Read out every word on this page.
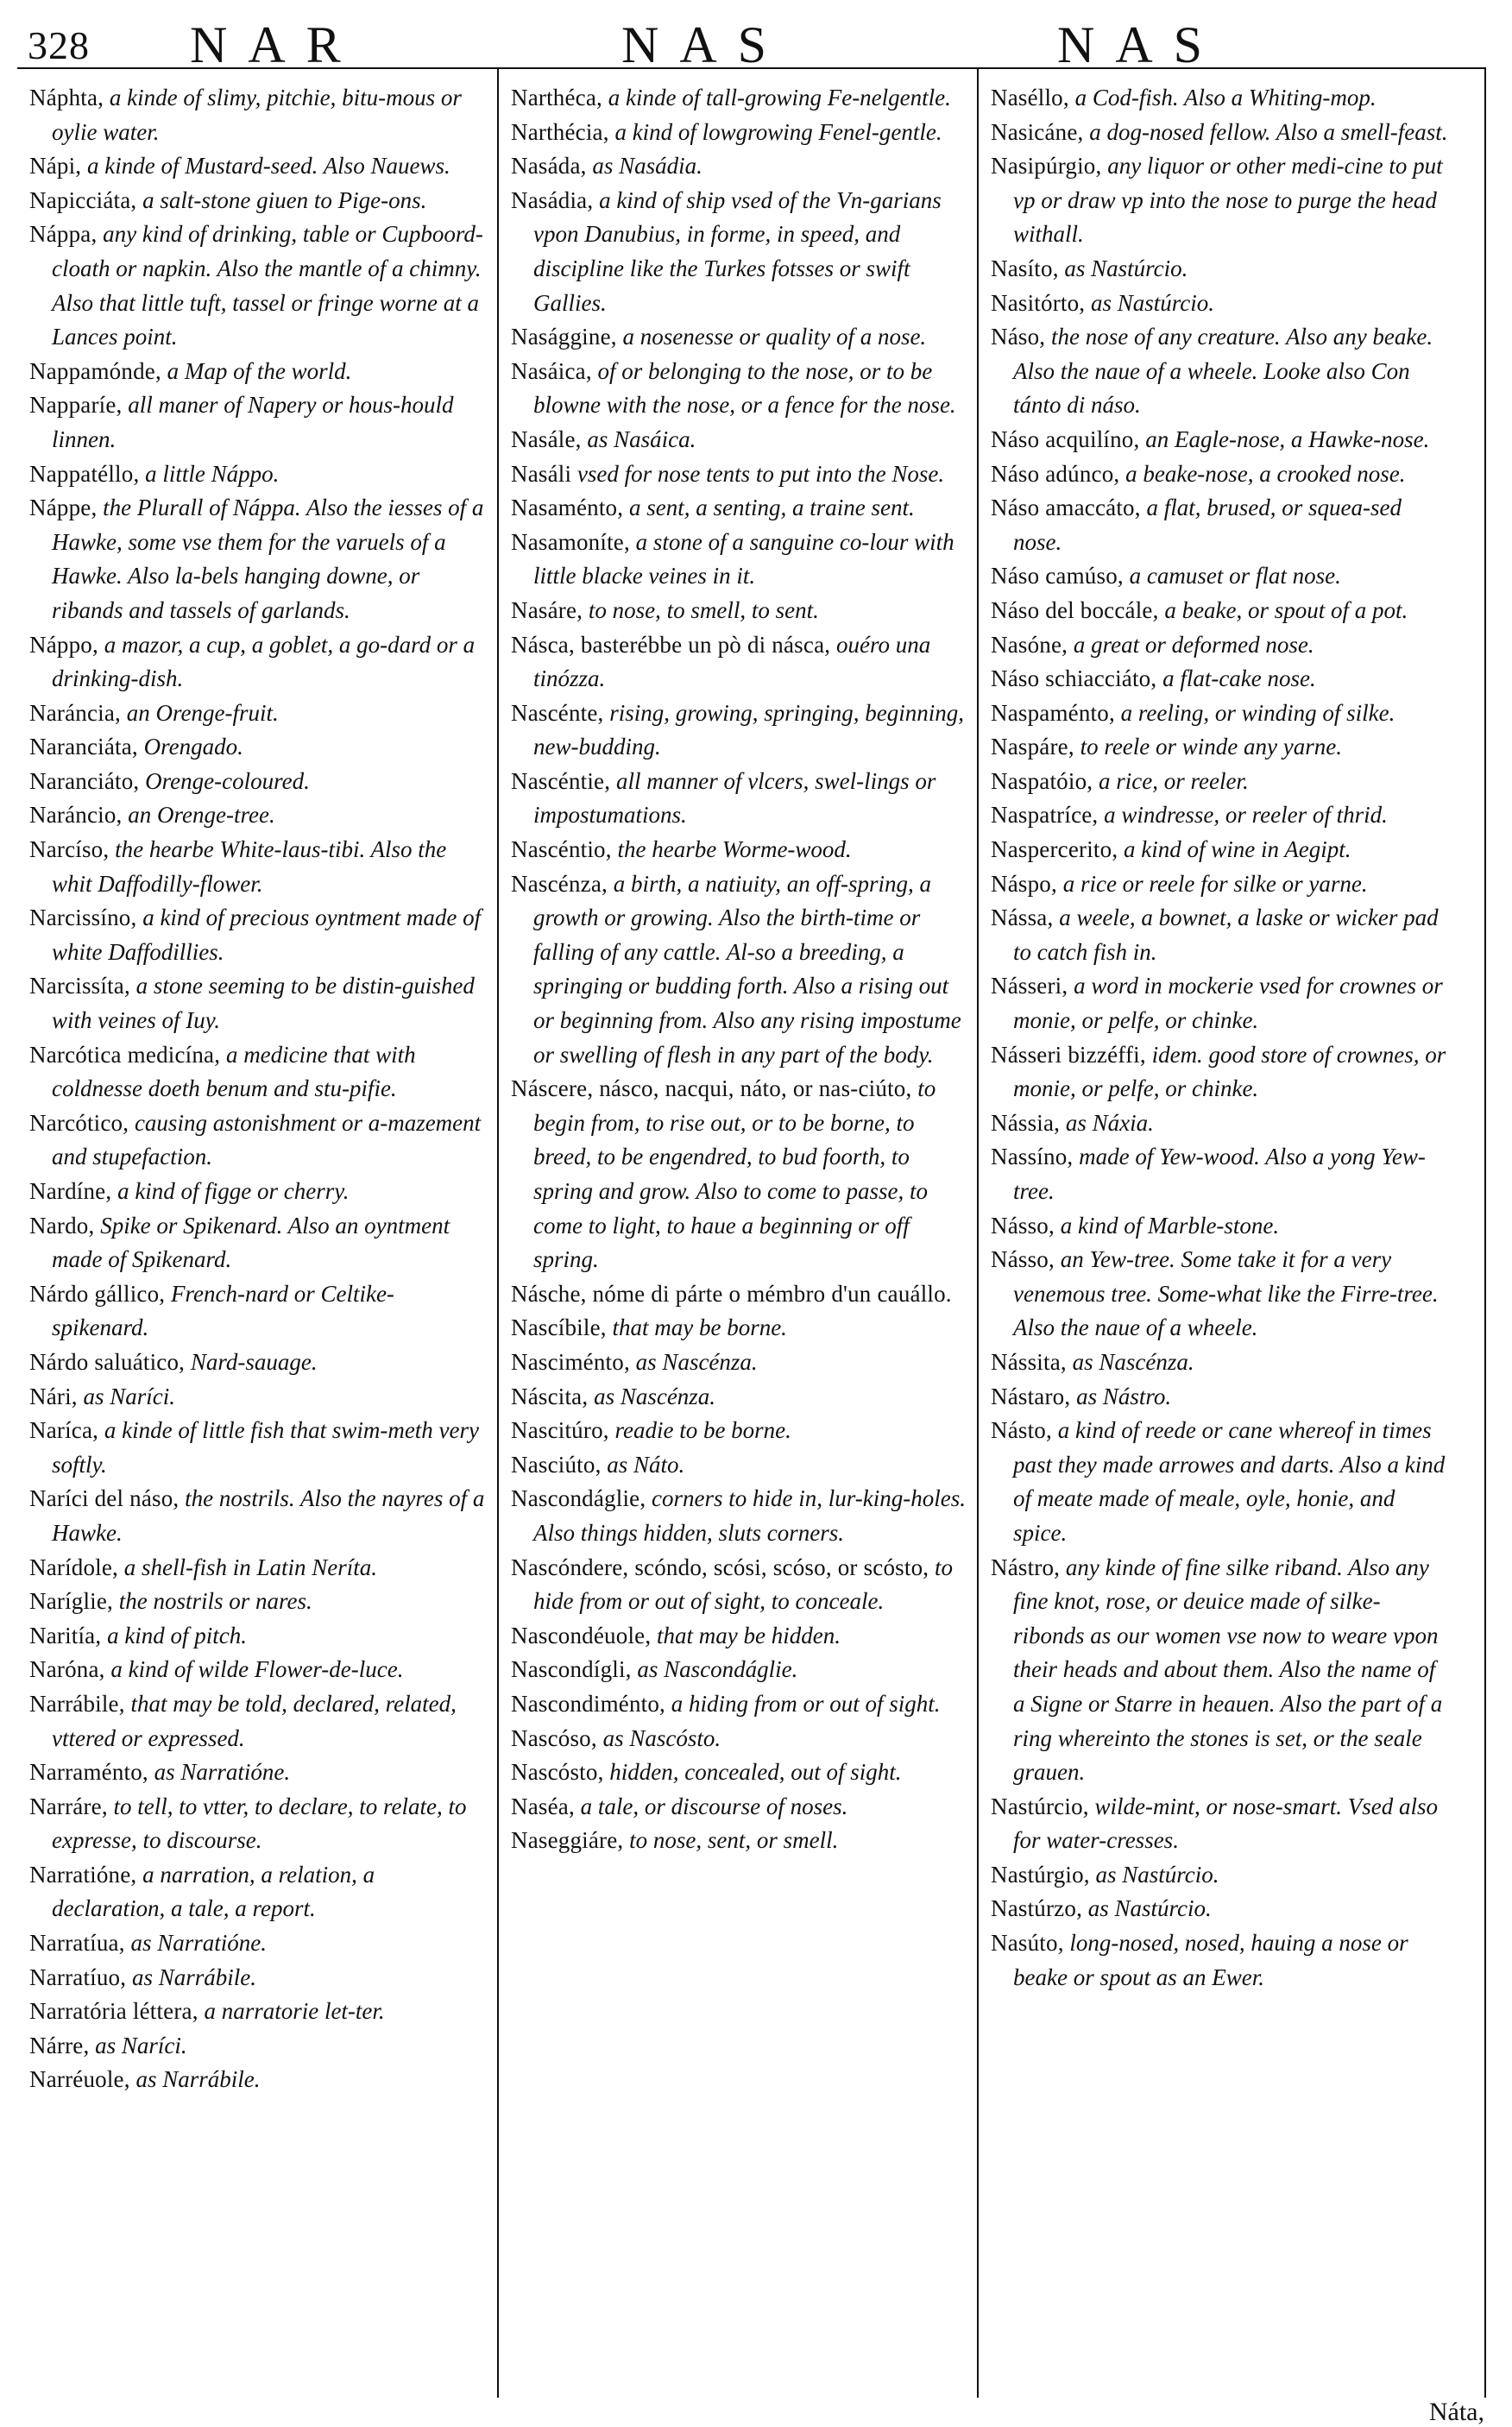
328 NAR	NAS	NAS

Náphta, a kinde of slimy, pitchie, bitu-mous or oylie water.

Nápi, a kinde of Mustard-seed. Also Nauews.

Napicciáta, a salt-stone giuen to Pige-ons.

Náppa, any kind of drinking, table or Cupboord-cloath or napkin. Also the mantle of a chimny. Also that little tuft, tassel or fringe worne at a Lances point.

Nappamónde, a Map of the world.

Napparíe, all maner of Napery or hous-hould linnen.

Nappatéllo, a little Náppo.

Náppe, the Plurall of Náppa. Also the iesses of a Hawke, some vse them for the varuels of a Hawke. Also la-bels hanging downe, or ribands and tassels of garlands.

Náppo, a mazor, a cup, a goblet, a go-dard or a drinking-dish.

Naráncia, an Orenge-fruit.

Naranciáta, Orengado.

Naranciáto, Orenge-coloured.

Naráncio, an Orenge-tree.

Narcíso, the hearbe White-laus-tibi. Also the whit Daffodilly-flower.

Narcissíno, a kind of precious oyntment made of white Daffodillies.

Narcissíta, a stone seeming to be distin-guished with veines of Iuy.

Narcótica medicína, a medicine that with coldnesse doeth benum and stu-pifie.

Narcótico, causing astonishment or a-mazement and stupefaction.

Nardíne, a kind of figge or cherry.

Nardo, Spike or Spikenard. Also an oyntment made of Spikenard.

Nárdo gállico, French-nard or Celtike-spikenard.

Nárdo saluático, Nard-sauage.

Nári, as Naríci.

Naríca, a kinde of little fish that swim-meth very softly.

Naríci del náso, the nostrils. Also the nayres of a Hawke.

Narídole, a shell-fish in Latin Neríta.

Naríglie, the nostrils or nares.

Naritía, a kind of pitch.

Naróna, a kind of wilde Flower-de-luce.

Narrábile, that may be told, declared, related, vttered or expressed.

Narraménto, as Narratióne.

Narráre, to tell, to vtter, to declare, to relate, to expresse, to discourse.

Narratióne, a narration, a relation, a declaration, a tale, a report.

Narratíua, as Narratióne.

Narratíuo, as Narrábile.

Narratória léttera, a narratorie let-ter.

Nárre, as Naríci.

Narréuole, as Narrábile.

Narthéca, a kinde of tall-growing Fe-nelgentle.

Narthécia, a kind of lowgrowing Fenel-gentle.

Nasáda, as Nasádia.

Nasádia, a kind of ship vsed of the Vn-garians vpon Danubius, in forme, in speed, and discipline like the Turkes fotsses or swift Gallies.

Nasággine, a nosenesse or quality of a nose.

Nasáica, of or belonging to the nose, or to be blowne with the nose, or a fence for the nose.

Nasále, as Nasáica.

Nasáli vsed for nose tents to put into the Nose.

Nasaménto, a sent, a senting, a traine sent.

Nasamoníte, a stone of a sanguine co-lour with little blacke veines in it.

Nasáre, to nose, to smell, to sent.

Násca, basterébbe un pò di násca, ouéro una tinózza.

Nascénte, rising, growing, springing, beginning, new-budding.

Nascéntie, all manner of vlcers, swel-lings or impostumations.

Nascéntio, the hearbe Worme-wood.

Nascénza, a birth, a natiuity, an off-spring, a growth or growing. Also the birth-time or falling of any cattle. Al-so a breeding, a springing or budding forth. Also a rising out or beginning from. Also any rising impostume or swelling of flesh in any part of the body.

Náscere, násco, nacqui, náto, or nas-ciúto, to begin from, to rise out, or to be borne, to breed, to be engendred, to bud foorth, to spring and grow. Also to come to passe, to come to light, to haue a beginning or off spring.

Násche, nóme di párte o mémbro d'un cauállo.

Nascíbile, that may be borne.

Nasciménto, as Nascénza.

Náscita, as Nascénza.

Nascitúro, readie to be borne.

Nasciúto, as Náto.

Nascondáglie, corners to hide in, lur-king-holes. Also things hidden, sluts corners.

Nascóndere, scóndo, scósi, scóso, or scósto, to hide from or out of sight, to conceale.

Nascondéuole, that may be hidden.

Nascondígli, as Nascondáglie.

Nascondiménto, a hiding from or out of sight.

Nascóso, as Nascósto.

Nascósto, hidden, concealed, out of sight.

Naséa, a tale, or discourse of noses.

Naseggiáre, to nose, sent, or smell.

Naséllo, a Cod-fish. Also a Whiting-mop.

Nasicáne, a dog-nosed fellow. Also a smell-feast.

Nasipúrgio, any liquor or other medi-cine to put vp or draw vp into the nose to purge the head withall.

Nasíto, as Nastúrcio.

Nasitórto, as Nastúrcio.

Náso, the nose of any creature. Also any beake. Also the naue of a wheele. Looke also Con tánto di náso.

Náso acquilíno, an Eagle-nose, a Hawke-nose.

Náso adúnco, a beake-nose, a crooked nose.

Náso amaccáto, a flat, brused, or squea-sed nose.

Náso camúso, a camuset or flat nose.

Náso del boccále, a beake, or spout of a pot.

Nasóne, a great or deformed nose.

Náso schiacciáto, a flat-cake nose.

Naspaménto, a reeling, or winding of silke.

Naspáre, to reele or winde any yarne.

Naspatóio, a rice, or reeler.

Naspatríce, a windresse, or reeler of thrid.

Naspercerito, a kind of wine in Aegipt.

Náspo, a rice or reele for silke or yarne.

Nássa, a weele, a bownet, a laske or wicker pad to catch fish in.

Násseri, a word in mockerie vsed for crownes or monie, or pelfe, or chinke.

Násseri bizzéffi, idem. good store of crownes, or monie, or pelfe, or chinke.

Nássia, as Náxia.

Nassíno, made of Yew-wood. Also a yong Yew-tree.

Násso, a kind of Marble-stone.

Násso, an Yew-tree. Some take it for a very venemous tree. Some-what like the Firre-tree. Also the naue of a wheele.

Nássita, as Nascénza.

Nástaro, as Nástro.

Násto, a kind of reede or cane whereof in times past they made arrowes and darts. Also a kind of meate made of meale, oyle, honie, and spice.

Nástro, any kinde of fine silke riband. Also any fine knot, rose, or deuice made of silke-ribonds as our women vse now to weare vpon their heads and about them. Also the name of a Signe or Starre in heauen. Also the part of a ring whereinto the stones is set, or the seale grauen.

Nastúrcio, wilde-mint, or nose-smart. Vsed also for water-cresses.

Nastúrgio, as Nastúrcio.

Nastúrzo, as Nastúrcio.

Nasúto, long-nosed, nosed, hauing a nose or beake or spout as an Ewer.

Náta,
